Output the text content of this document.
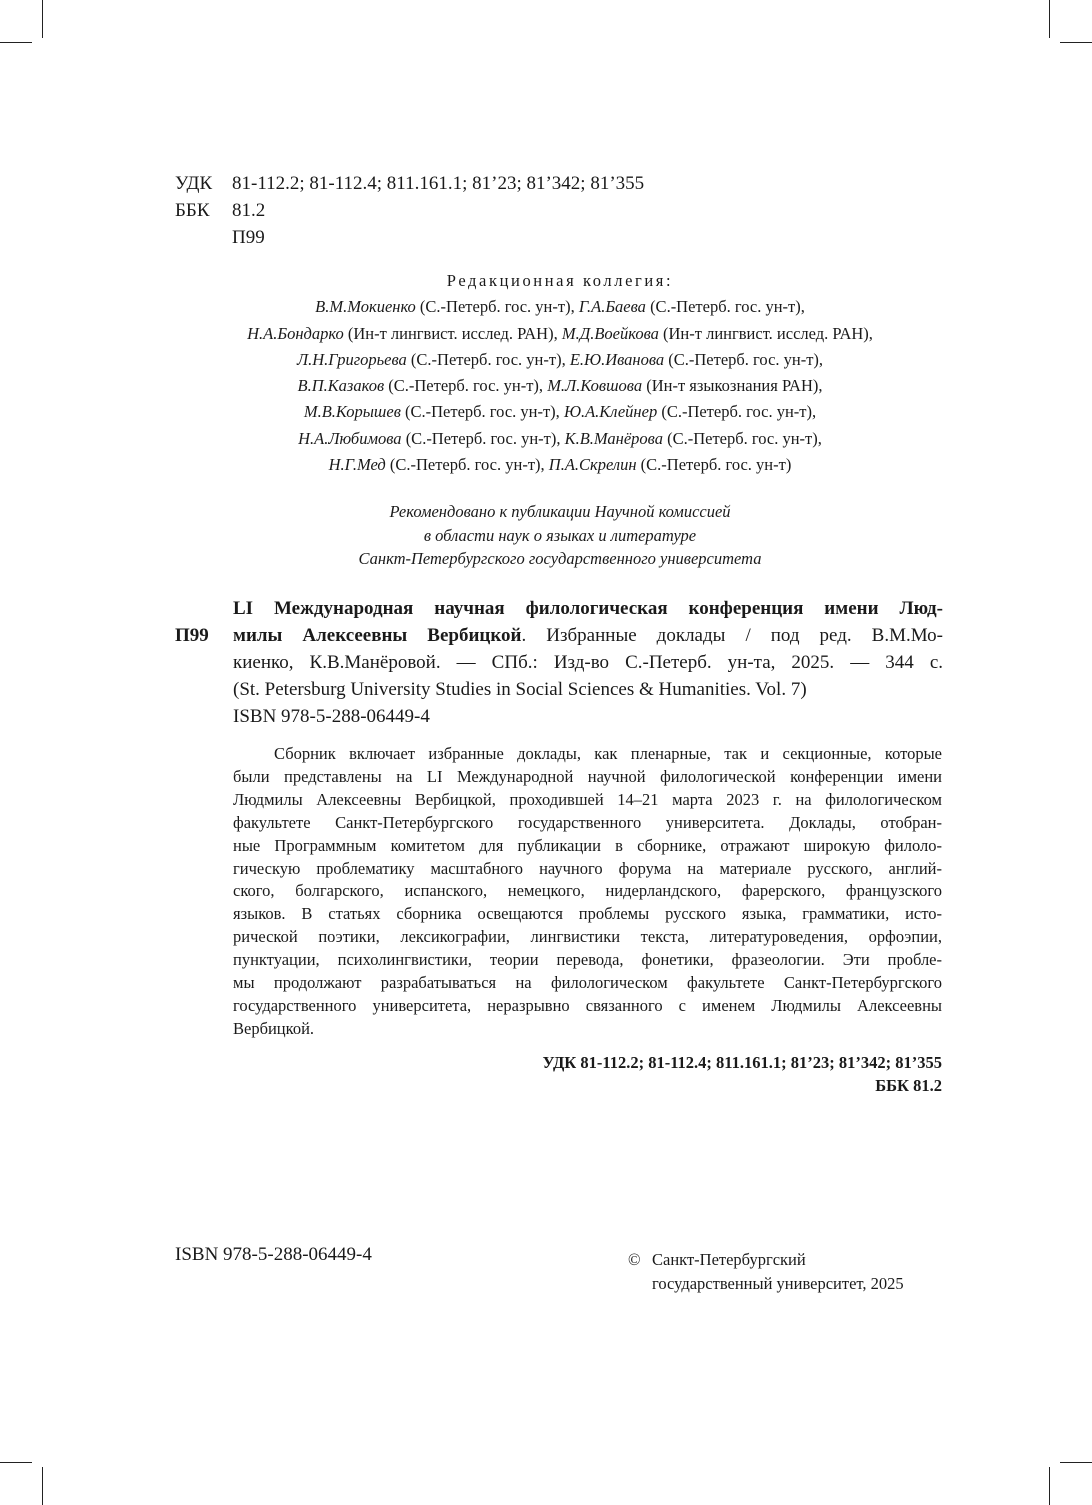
УДК	81-112.2; 81-112.4; 811.161.1; 81’23; 81’342; 81’355
ББК	81.2
П99
Редакционная коллегия:
В.М.Мокиенко (С.-Петерб. гос. ун-т), Г.А.Баева (С.-Петерб. гос. ун-т),
Н.А.Бондарко (Ин-т лингвист. исслед. РАН), М.Д.Воейкова (Ин-т лингвист. исслед. РАН),
Л.Н.Григорьева (С.-Петерб. гос. ун-т), Е.Ю.Иванова (С.-Петерб. гос. ун-т),
В.П.Казаков (С.-Петерб. гос. ун-т), М.Л.Ковшова (Ин-т языкознания РАН),
М.В.Корышев (С.-Петерб. гос. ун-т), Ю.А.Клейнер (С.-Петерб. гос. ун-т),
Н.А.Любимова (С.-Петерб. гос. ун-т), К.В.Манёрова (С.-Петерб. гос. ун-т),
Н.Г.Мед (С.-Петерб. гос. ун-т), П.А.Скрелин (С.-Петерб. гос. ун-т)
Рекомендовано к публикации Научной комиссией
в области наук о языках и литературе
Санкт-Петербургского государственного университета
П99
LI Международная научная филологическая конференция имени Люд-
милы Алексеевны Вербицкой. Избранные доклады / под ред. В.М.Мо-
киенко, К.В.Манёровой. — СПб.: Изд-во С.-Петерб. ун-та, 2025. — 344 с.
(St. Petersburg University Studies in Social Sciences & Humanities. Vol. 7)
ISBN 978-5-288-06449-4
Сборник включает избранные доклады, как пленарные, так и секционные, которые
были представлены на LI Международной научной филологической конференции имени
Людмилы Алексеевны Вербицкой, проходившей 14–21 марта 2023 г. на филологическом
факультете Санкт-Петербургского государственного университета. Доклады, отобран-
ные Программным комитетом для публикации в сборнике, отражают широкую филоло-
гическую проблематику масштабного научного форума на материале русского, англий-
ского, болгарского, испанского, немецкого, нидерландского, фарерского, французского
языков. В статьях сборника освещаются проблемы русского языка, грамматики, исто-
рической поэтики, лексикографии, лингвистики текста, литературоведения, орфоэпии,
пунктуации, психолингвистики, теории перевода, фонетики, фразеологии. Эти пробле-
мы продолжают разрабатываться на филологическом факультете Санкт-Петербургского
государственного университета, неразрывно связанного с именем Людмилы Алексеевны
Вербицкой.
УДК 81-112.2; 81-112.4; 811.161.1; 81’23; 81’342; 81’355
ББК 81.2
ISBN 978-5-288-06449-4	© Санкт-Петербургский
государственный университет, 2025
